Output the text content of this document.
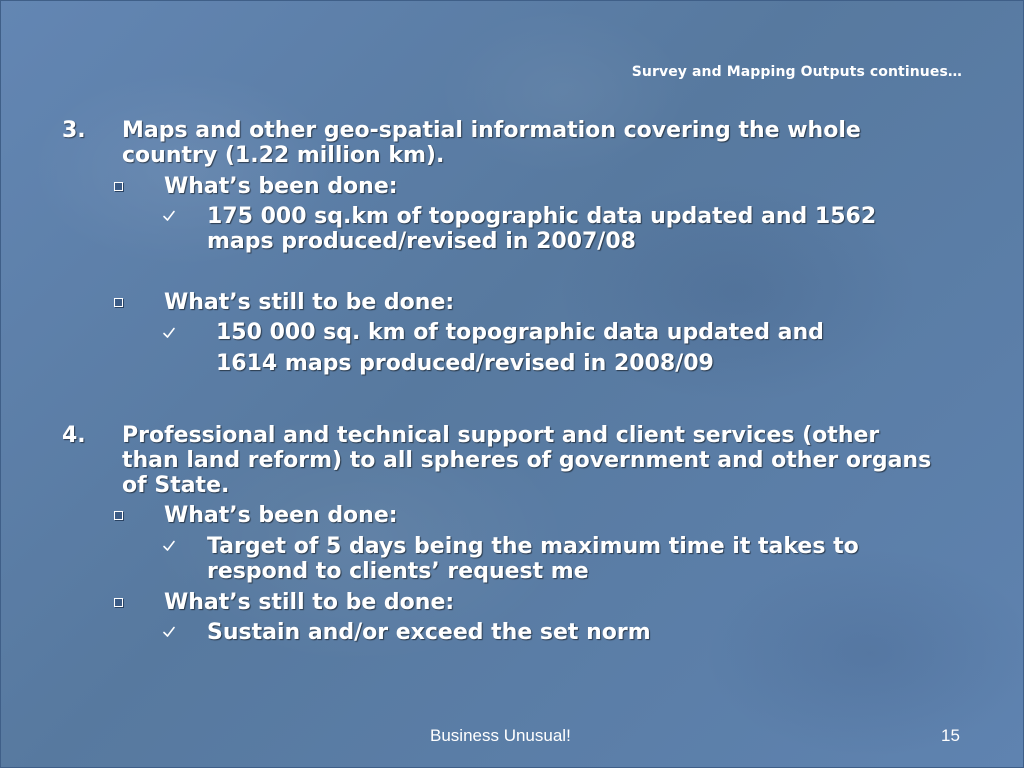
Survey and Mapping Outputs continues…
3. Maps and other geo-spatial information covering the whole
country (1.22 million km).
What’s been done:
175 000 sq.km of topographic data updated and 1562
maps produced/revised in 2007/08
What’s still to be done:
150 000 sq. km of topographic data updated and
1614 maps produced/revised in 2008/09
4. Professional and technical support and client services (other
than land reform) to all spheres of government and other organs
of State.
What’s been done:
Target of 5 days being the maximum time it takes to
respond to clients’ request me
What’s still to be done:
Sustain and/or exceed the set norm
Business Unusual!	15
